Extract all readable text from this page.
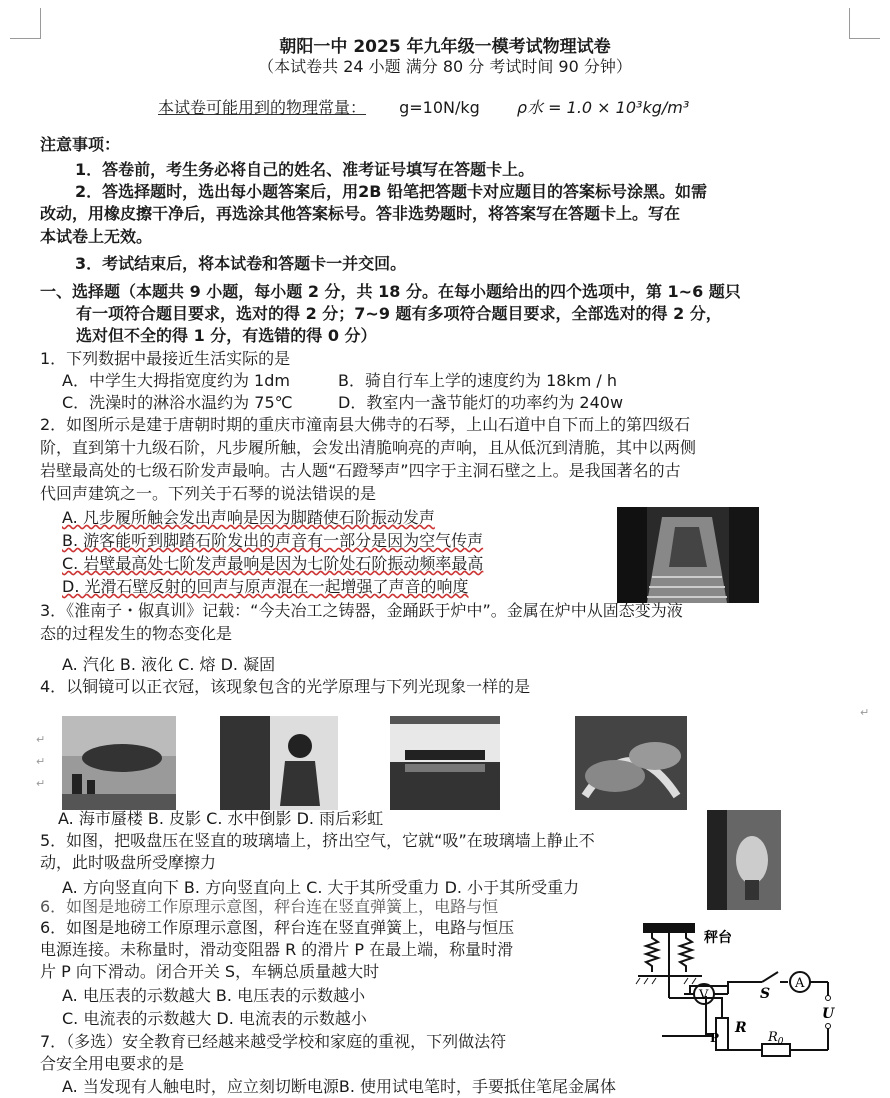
朝阳一中 2025 年九年级一模考试物理试卷
（本试卷共 24 小题 满分 80 分 考试时间 90 分钟）
本试卷可能用到的物理常量： g=10N/kg ρ水 = 1.0 × 10³kg/m³
注意事项：
1．答卷前，考生务必将自己的姓名、准考证号填写在答题卡上。
2．答选择题时，选出每小题答案后，用2B 铅笔把答题卡对应题目的答案标号涂黑。如需
改动，用橡皮擦干净后，再选涂其他答案标号。答非选势题时，将答案写在答题卡上。写在
本试卷上无效。
3．考试结束后，将本试卷和答题卡一并交回。
一、选择题（本题共 9 小题，每小题 2 分，共 18 分。在每小题给出的四个选项中，第 1~6 题只
有一项符合题目要求，选对的得 2 分；7~9 题有多项符合题目要求，全部选对的得 2 分，
选对但不全的得 1 分，有选错的得 0 分）
1．下列数据中最接近生活实际的是
A．中学生大拇指宽度约为 1dm	B．骑自行车上学的速度约为 18km / h
C．洗澡时的淋浴水温约为 75℃	D．教室内一盏节能灯的功率约为 240w
2．如图所示是建于唐朝时期的重庆市潼南县大佛寺的石琴，上山石道中自下而上的第四级石
阶，直到第十九级石阶，凡步履所触，会发出清脆响亮的声响，且从低沉到清脆，其中以两侧
岩壁最高处的七级石阶发声最响。古人题“石蹬琴声”四字于主洞石壁之上。是我国著名的古
代回声建筑之一。下列关于石琴的说法错误的是
A. 凡步履所触会发出声响是因为脚踏使石阶振动发声
B. 游客能听到脚踏石阶发出的声音有一部分是因为空气传声
C. 岩壁最高处七阶发声最响是因为七阶处石阶振动频率最高
D. 光滑石壁反射的回声与原声混在一起增强了声音的响度
3．《淮南子・俶真训》记载：“今夫冶工之铸器，金踊跃于炉中”。金属在炉中从固态变为液
态的过程发生的物态变化是
A. 汽化 B. 液化 C. 熔 D. 凝固
4．以铜镜可以正衣冠，该现象包含的光学原理与下列光现象一样的是
↵
↵
↵
↵
A. 海市蜃楼 B. 皮影 C. 水中倒影 D. 雨后彩虹
5．如图，把吸盘压在竖直的玻璃墙上，挤出空气，它就“吸”在玻璃墙上静止不
动，此时吸盘所受摩擦力
A. 方向竖直向下 B. 方向竖直向上 C. 大于其所受重力 D. 小于其所受重力
6．如图是地磅工作原理示意图，秤台连在竖直弹簧上，电路与恒
6．如图是地磅工作原理示意图，秤台连在竖直弹簧上，电路与恒压
电源连接。未称量时，滑动变阻器 R 的滑片 P 在最上端，称量时滑
片 P 向下滑动。闭合开关 S，车辆总质量越大时
A. 电压表的示数越大 B. 电压表的示数越小
C. 电流表的示数越大 D. 电流表的示数越小
秤台
V
A
S
R
$R_0$
U
P
7．（多选）安全教育已经越来越受学校和家庭的重视，下列做法符
合安全用电要求的是
A. 当发现有人触电时，应立刻切断电源B. 使用试电笔时，手要抵住笔尾金属体
